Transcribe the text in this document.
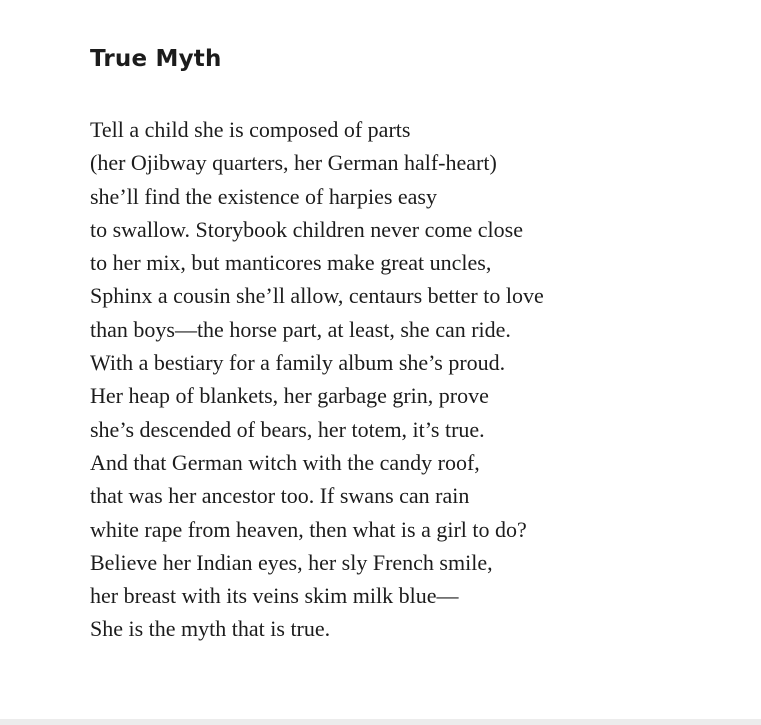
True Myth
Tell a child she is composed of parts
(her Ojibway quarters, her German half-heart)
she’ll find the existence of harpies easy
to swallow. Storybook children never come close
to her mix, but manticores make great uncles,
Sphinx a cousin she’ll allow, centaurs better to love
than boys—the horse part, at least, she can ride.
With a bestiary for a family album she’s proud.
Her heap of blankets, her garbage grin, prove
she’s descended of bears, her totem, it’s true.
And that German witch with the candy roof,
that was her ancestor too. If swans can rain
white rape from heaven, then what is a girl to do?
Believe her Indian eyes, her sly French smile,
her breast with its veins skim milk blue—
She is the myth that is true.
